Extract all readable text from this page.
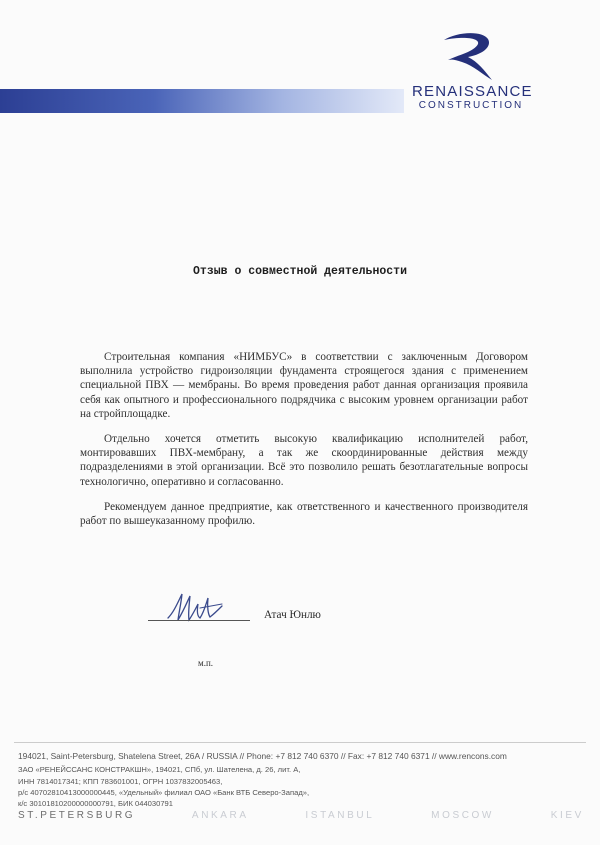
RENAISSANCE
CONSTRUCTION
Отзыв о совместной деятельности

Строительная компания «НИМБУС» в соответствии с заключенным Договором выполнила устройство гидроизоляции фундамента строящегося здания с применением специальной ПВХ — мембраны. Во время проведения работ данная организация проявила себя как опытного и профессионального подрядчика с высоким уровнем организации работ на стройплощадке.

Отдельно хочется отметить высокую квалификацию исполнителей работ, монтировавших ПВХ-мембрану, а так же скоординированные действия между подразделениями в этой организации. Всё это позволило решать безотлагательные вопросы технологично, оперативно и согласованно.

Рекомендуем данное предприятие, как ответственного и качественного производителя работ по вышеуказанному профилю.

Атач Юнлю
м.п.
194021, Saint-Petersburg, Shatelena Street, 26A / RUSSIA // Phone: +7 812 740 6370 // Fax: +7 812 740 6371 // www.rencons.com
ЗАО «РЕНЕЙССАНС КОНСТРАКШН», 194021, СПб, ул. Шателена, д. 26, лит. А,
ИНН 7814017341; КПП 783601001, ОГРН 1037832005463,
р/с 40702810413000000445, «Удельный» филиал ОАО «Банк ВТБ Северо-Запад»,
к/с 30101810200000000791, БИК 044030791
ST.PETERSBURG	ANKARA	ISTANBUL	MOSCOW	KIEV
